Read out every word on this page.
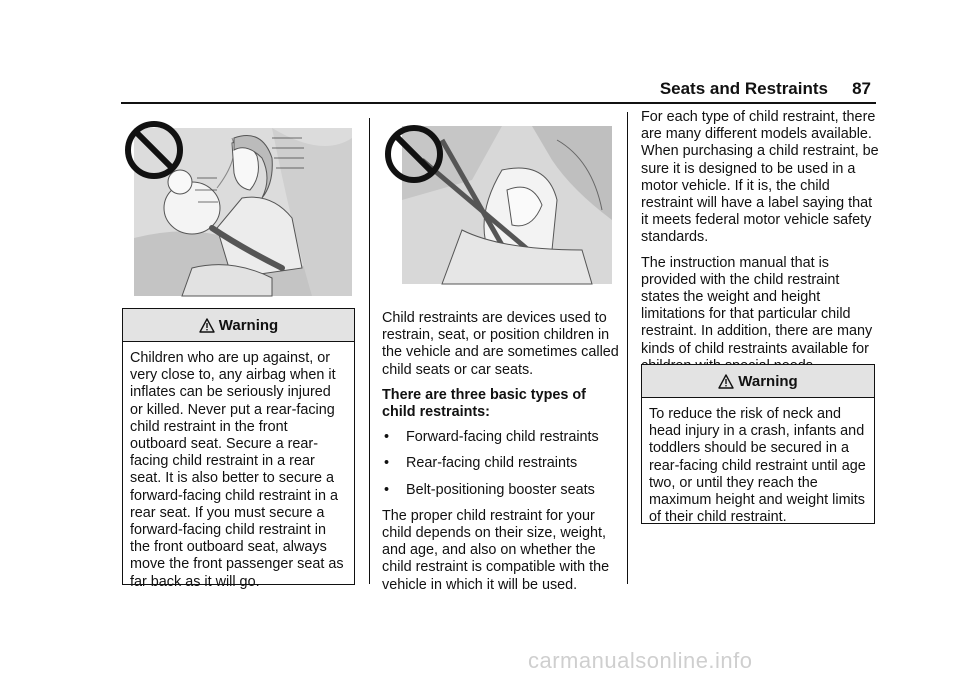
Seats and Restraints 87
Warning
Children who are up against, or very close to, any airbag when it inflates can be seriously injured or killed. Never put a rear-facing child restraint in the front outboard seat. Secure a rear-facing child restraint in a rear seat. It is also better to secure a forward-facing child restraint in a rear seat. If you must secure a forward-facing child restraint in the front outboard seat, always move the front passenger seat as far back as it will go.

Child restraints are devices used to restrain, seat, or position children in the vehicle and are sometimes called child seats or car seats.

There are three basic types of child restraints:

• Forward-facing child restraints
• Rear-facing child restraints
• Belt-positioning booster seats

The proper child restraint for your child depends on their size, weight, and age, and also on whether the child restraint is compatible with the vehicle in which it will be used.

For each type of child restraint, there are many different models available. When purchasing a child restraint, be sure it is designed to be used in a motor vehicle. If it is, the child restraint will have a label saying that it meets federal motor vehicle safety standards.

The instruction manual that is provided with the child restraint states the weight and height limitations for that particular child restraint. In addition, there are many kinds of child restraints available for

Warning
To reduce the risk of neck and head injury in a crash, infants and toddlers should be secured in a rear-facing child restraint until age two, or until they reach the maximum height and weight limits of their child restraint.
carmanualsonline.info
